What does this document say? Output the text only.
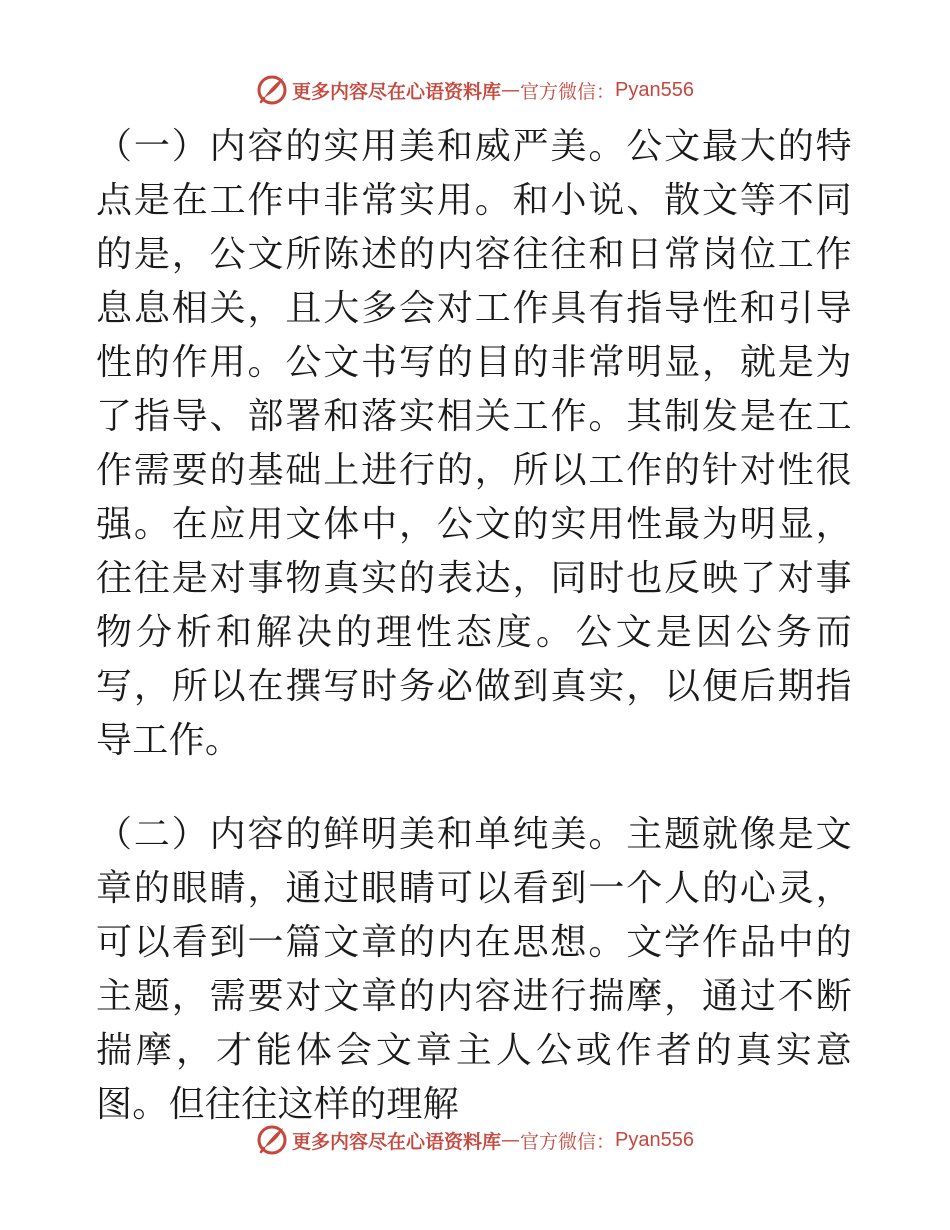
更多内容尽在心语资料库 — 官方微信： Pyan556

（一）内容的实用美和威严美。公文最大的特点是在工作中非常实用。和小说、散文等不同的是，公文所陈述的内容往往和日常岗位工作息息相关，且大多会对工作具有指导性和引导性的作用。公文书写的目的非常明显，就是为了指导、部署和落实相关工作。其制发是在工作需要的基础上进行的，所以工作的针对性很强。在应用文体中，公文的实用性最为明显，往往是对事物真实的表达，同时也反映了对事物分析和解决的理性态度。公文是因公务而写，所以在撰写时务必做到真实，以便后期指导工作。

（二）内容的鲜明美和单纯美。主题就像是文章的眼睛，通过眼睛可以看到一个人的心灵，可以看到一篇文章的内在思想。文学作品中的主题，需要对文章的内容进行揣摩，通过不断揣摩，才能体会文章主人公或作者的真实意图。但往往这样的理解

更多内容尽在心语资料库 — 官方微信： Pyan556
